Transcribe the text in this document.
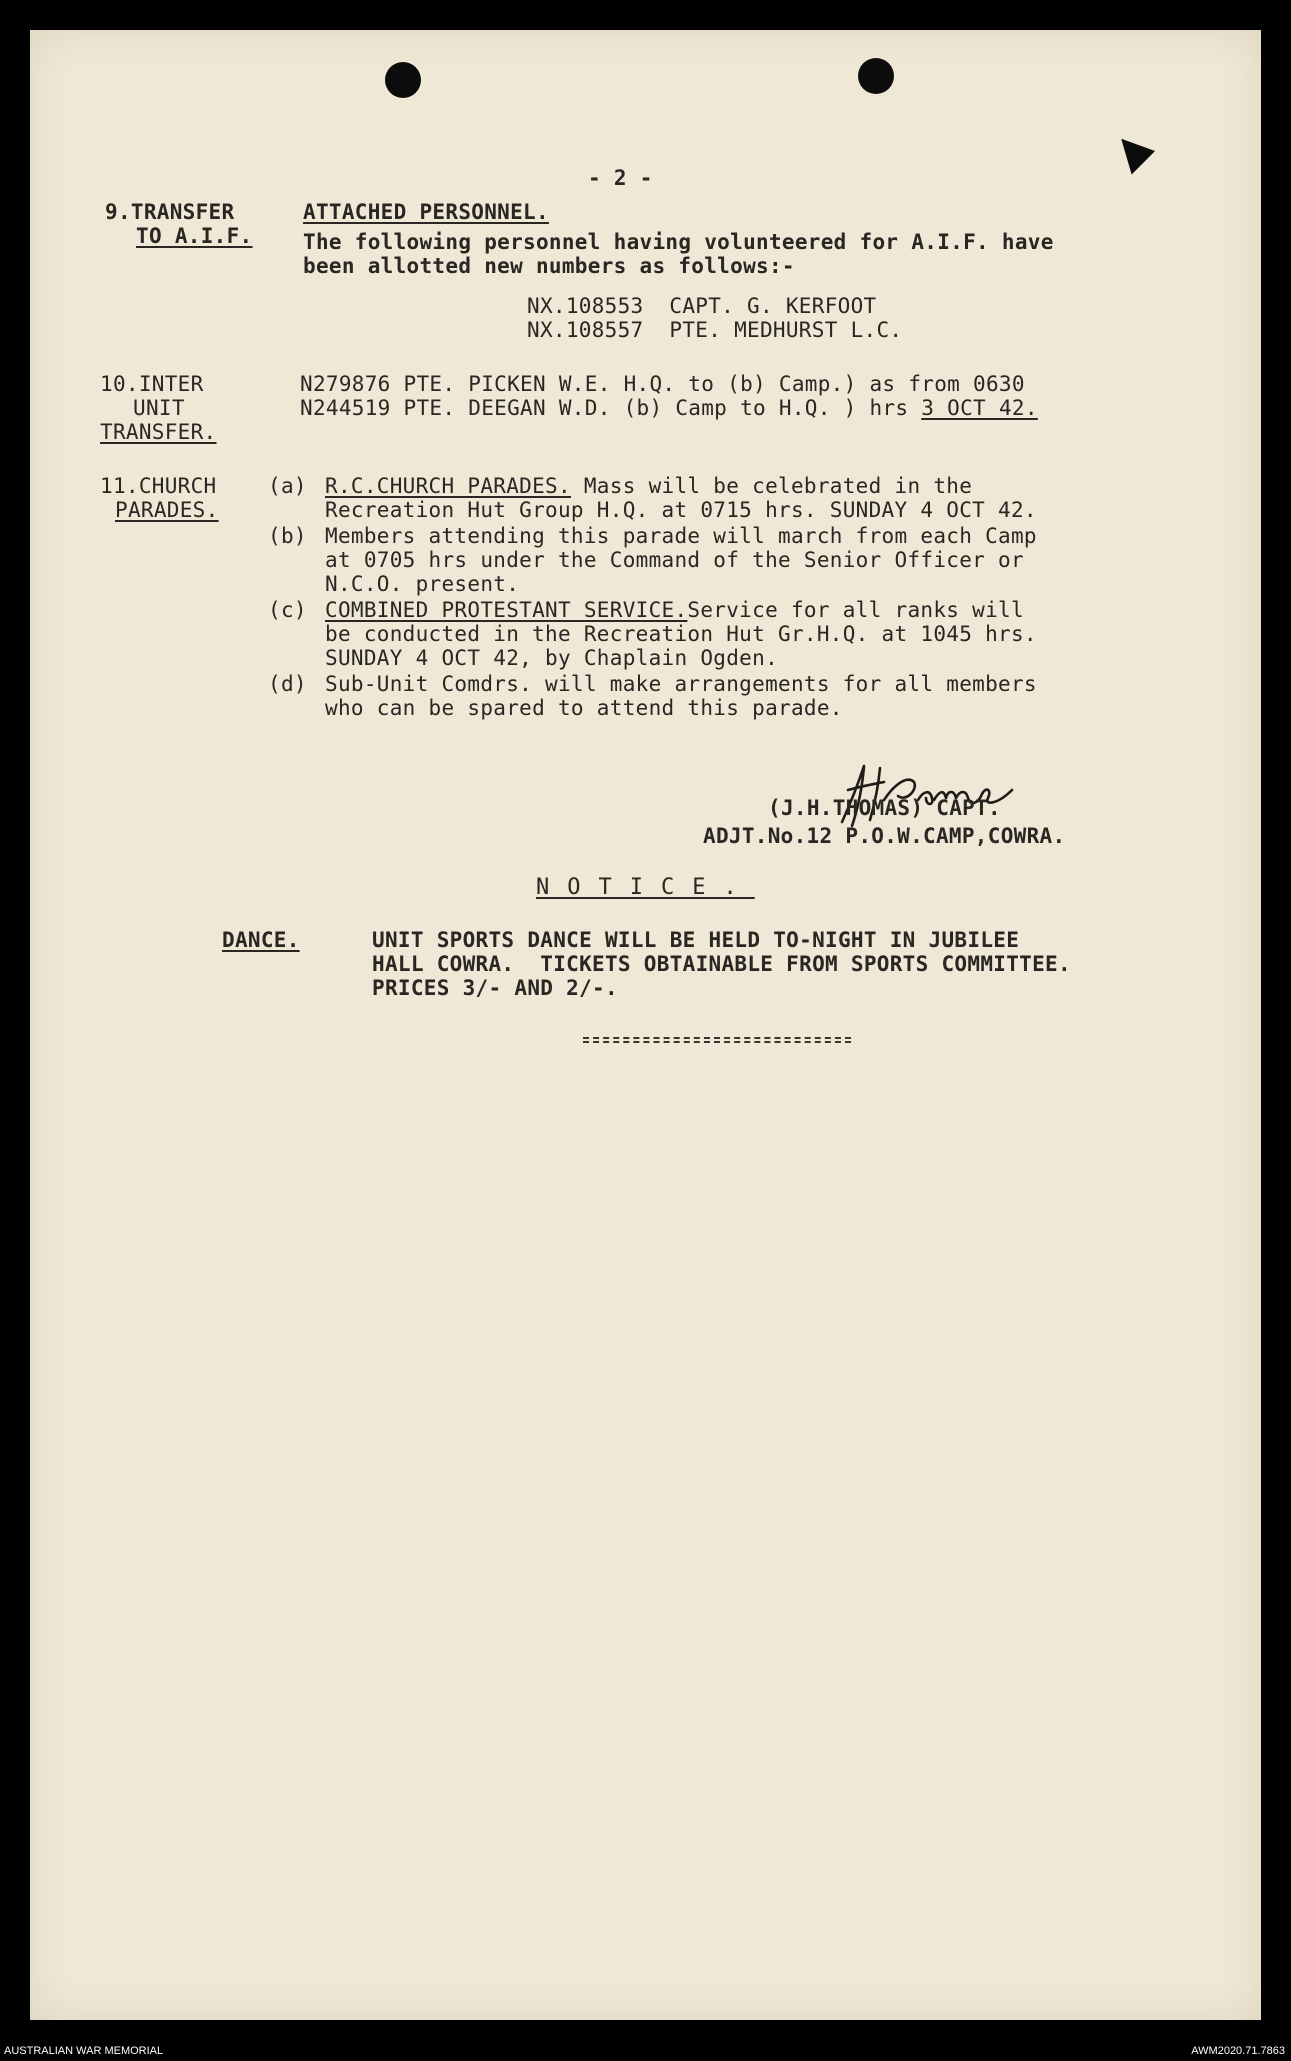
- 2 -
9.TRANSFER
TO A.I.F.
ATTACHED PERSONNEL.
The following personnel having volunteered for A.I.F. have
been allotted new numbers as follows:-
NX.108553  CAPT. G. KERFOOT
NX.108557  PTE. MEDHURST L.C.
10.INTER
UNIT
TRANSFER.
N279876 PTE. PICKEN W.E. H.Q. to (b) Camp.) as from 0630
N244519 PTE. DEEGAN W.D. (b) Camp to H.Q. ) hrs 3 OCT 42.
11.CHURCH
PARADES.
(a) R.C.CHURCH PARADES. Mass will be celebrated in the
Recreation Hut Group H.Q. at 0715 hrs. SUNDAY 4 OCT 42.
(b) Members attending this parade will march from each Camp
at 0705 hrs under the Command of the Senior Officer or
N.C.O. present.
(c) COMBINED PROTESTANT SERVICE.Service for all ranks will
be conducted in the Recreation Hut Gr.H.Q. at 1045 hrs.
SUNDAY 4 OCT 42, by Chaplain Ogden.
(d) Sub-Unit Comdrs. will make arrangements for all members
who can be spared to attend this parade.
(J.H.THOMAS) CAPT.
ADJT.No.12 P.O.W.CAMP,COWRA.
NOTICE.
DANCE.	UNIT SPORTS DANCE WILL BE HELD TO-NIGHT IN JUBILEE
HALL COWRA.  TICKETS OBTAINABLE FROM SPORTS COMMITTEE.
PRICES 3/- AND 2/-.
AUSTRALIAN WAR MEMORIAL	AWM2020.71.7863
